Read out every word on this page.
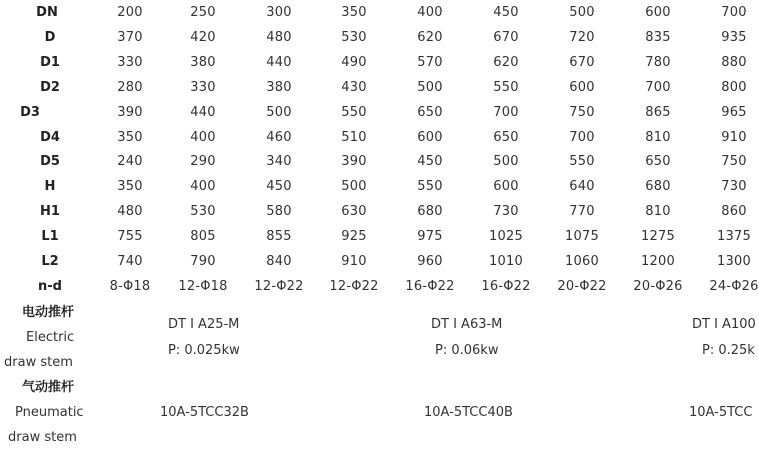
DN	200	250	300	350	400	450	500	600	700
D	370	420	480	530	620	670	720	835	935
D1	330	380	440	490	570	620	670	780	880
D2	280	330	380	430	500	550	600	700	800
D3	390	440	500	550	650	700	750	865	965
D4	350	400	460	510	600	650	700	810	910
D5	240	290	340	390	450	500	550	650	750
H	350	400	450	500	550	600	640	680	730
H1	480	530	580	630	680	730	770	810	860
L1	755	805	855	925	975	1025	1075	1275	1375
L2	740	790	840	910	960	1010	1060	1200	1300
n-d	8-Φ18 12-Φ18 12-Φ22 12-Φ22 16-Φ22 16-Φ22 20-Φ22 20-Φ26 24-Φ26
电动推杆
Electric
draw stem
DT I A25-M	DT I A63-M	DT I A100
P: 0.025kw	P: 0.06kw	P: 0.25k
气动推杆
Pneumatic
draw stem
10A-5TCC32B	10A-5TCC40B	10A-5TCC
